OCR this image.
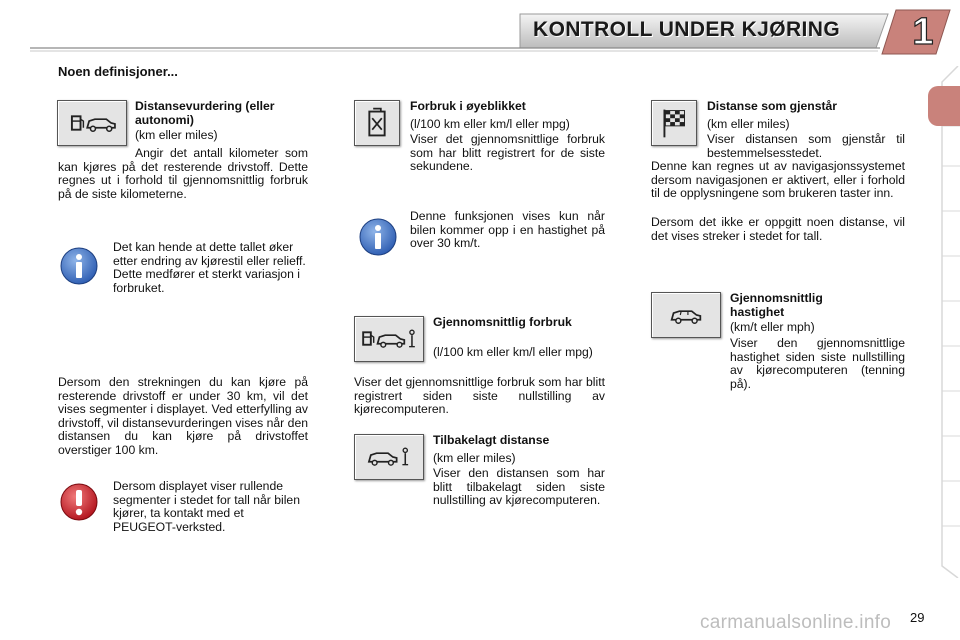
KONTROLL UNDER KJØRING	1
Noen definisjoner...
Distansevurdering (eller autonomi)
(km eller miles)
Angir det antall kilometer som kan kjøres på det resterende drivstoff. Dette regnes ut i forhold til gjennomsnittlig forbruk på de siste kilometerne.
Det kan hende at dette tallet øker etter endring av kjørestil eller relieff. Dette medfører et sterkt variasjon i forbruket.
Dersom den strekningen du kan kjøre på resterende drivstoff er under 30 km, vil det vises segmenter i displayet. Ved etterfylling av drivstoff, vil distansevurderingen vises når den distansen du kan kjøre på drivstoffet overstiger 100 km.
Dersom displayet viser rullende segmenter i stedet for tall når bilen kjører, ta kontakt med et PEUGEOT-verksted.
Forbruk i øyeblikket
(l/100 km eller km/l eller mpg)
Viser det gjennomsnittlige forbruk som har blitt registrert for de siste sekundene.
Denne funksjonen vises kun når bilen kommer opp i en hastighet på over 30 km/t.
Gjennomsnittlig forbruk
(l/100 km eller km/l eller mpg)
Viser det gjennomsnittlige forbruk som har blitt registrert siden siste nullstilling av kjørecomputeren.
Tilbakelagt distanse
(km eller miles)
Viser den distansen som har blitt tilbakelagt siden siste nullstilling av kjørecomputeren.
Distanse som gjenstår
(km eller miles)
Viser distansen som gjenstår til bestemmelsesstedet.
Denne kan regnes ut av navigasjonssystemet dersom navigasjonen er aktivert, eller i forhold til de opplysningene som brukeren taster inn.
Dersom det ikke er oppgitt noen distanse, vil det vises streker i stedet for tall.
Gjennomsnittlig hastighet
(km/t eller mph)
Viser den gjennomsnittlige hastighet siden siste nullstilling av kjørecomputeren (tenning på).
carmanualsonline.info 29
